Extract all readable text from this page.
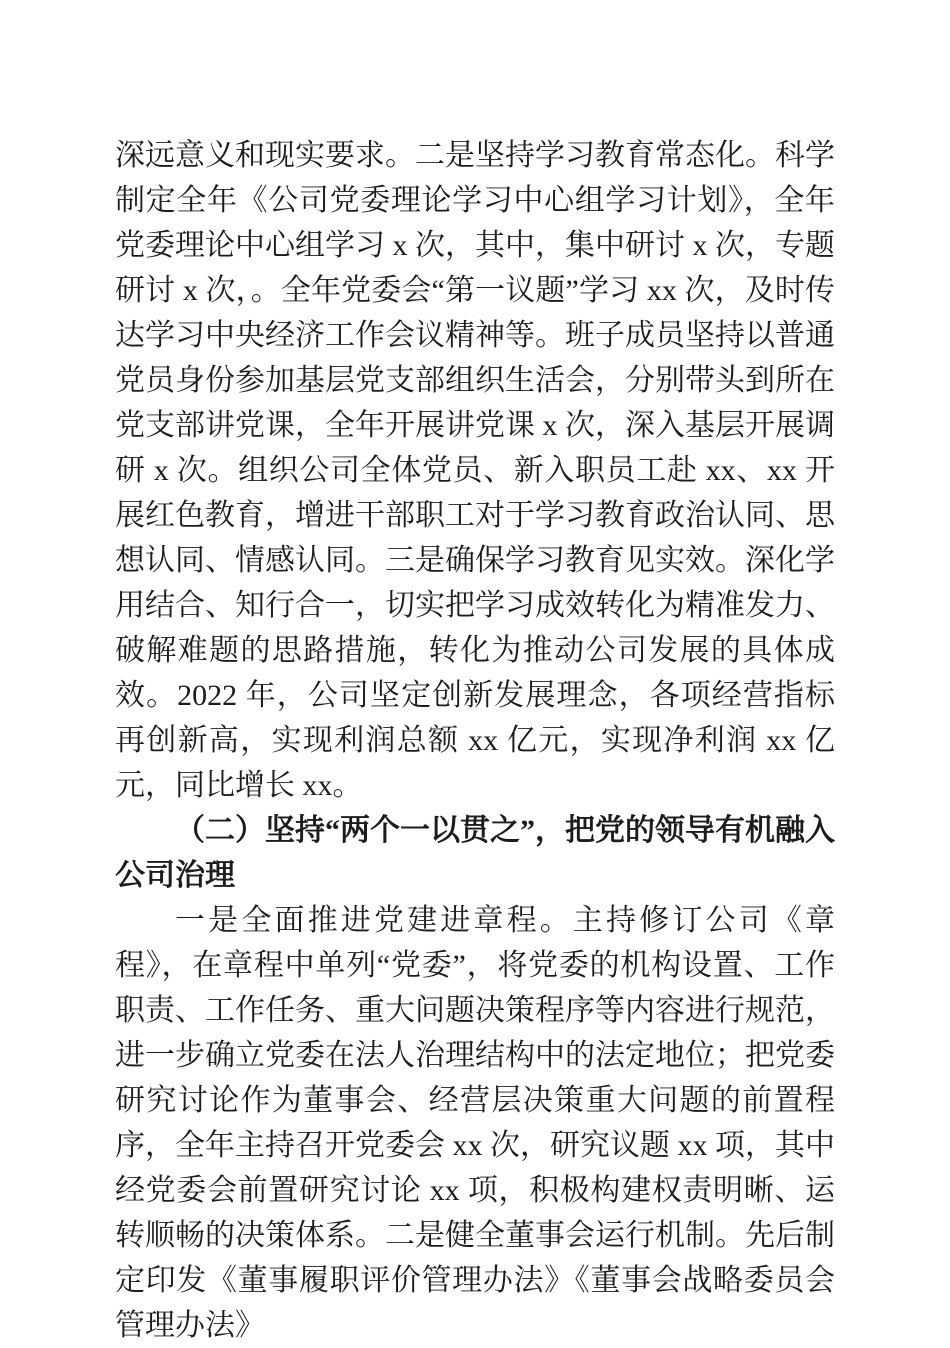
深远意义和现实要求。二是坚持学习教育常态化。科学制定全年《公司党委理论学习中心组学习计划》，全年党委理论中心组学习 x 次，其中，集中研讨 x 次，专题研讨 x 次，。全年党委会“第一议题”学习 xx 次，及时传达学习中央经济工作会议精神等。班子成员坚持以普通党员身份参加基层党支部组织生活会，分别带头到所在党支部讲党课，全年开展讲党课 x 次，深入基层开展调研 x 次。组织公司全体党员、新入职员工赴 xx、xx 开展红色教育，增进干部职工对于学习教育政治认同、思想认同、情感认同。三是确保学习教育见实效。深化学用结合、知行合一，切实把学习成效转化为精准发力、破解难题的思路措施，转化为推动公司发展的具体成效。2022 年，公司坚定创新发展理念，各项经营指标再创新高，实现利润总额 xx 亿元，实现净利润 xx 亿元，同比增长 xx。

（二）坚持“两个一以贯之”，把党的领导有机融入公司治理

一是全面推进党建进章程。主持修订公司《章程》，在章程中单列“党委”，将党委的机构设置、工作职责、工作任务、重大问题决策程序等内容进行规范，进一步确立党委在法人治理结构中的法定地位；把党委研究讨论作为董事会、经营层决策重大问题的前置程序，全年主持召开党委会 xx 次，研究议题 xx 项，其中经党委会前置研究讨论 xx 项，积极构建权责明晰、运转顺畅的决策体系。二是健全董事会运行机制。先后制定印发《董事履职评价管理办法》《董事会战略委员会管理办法》
